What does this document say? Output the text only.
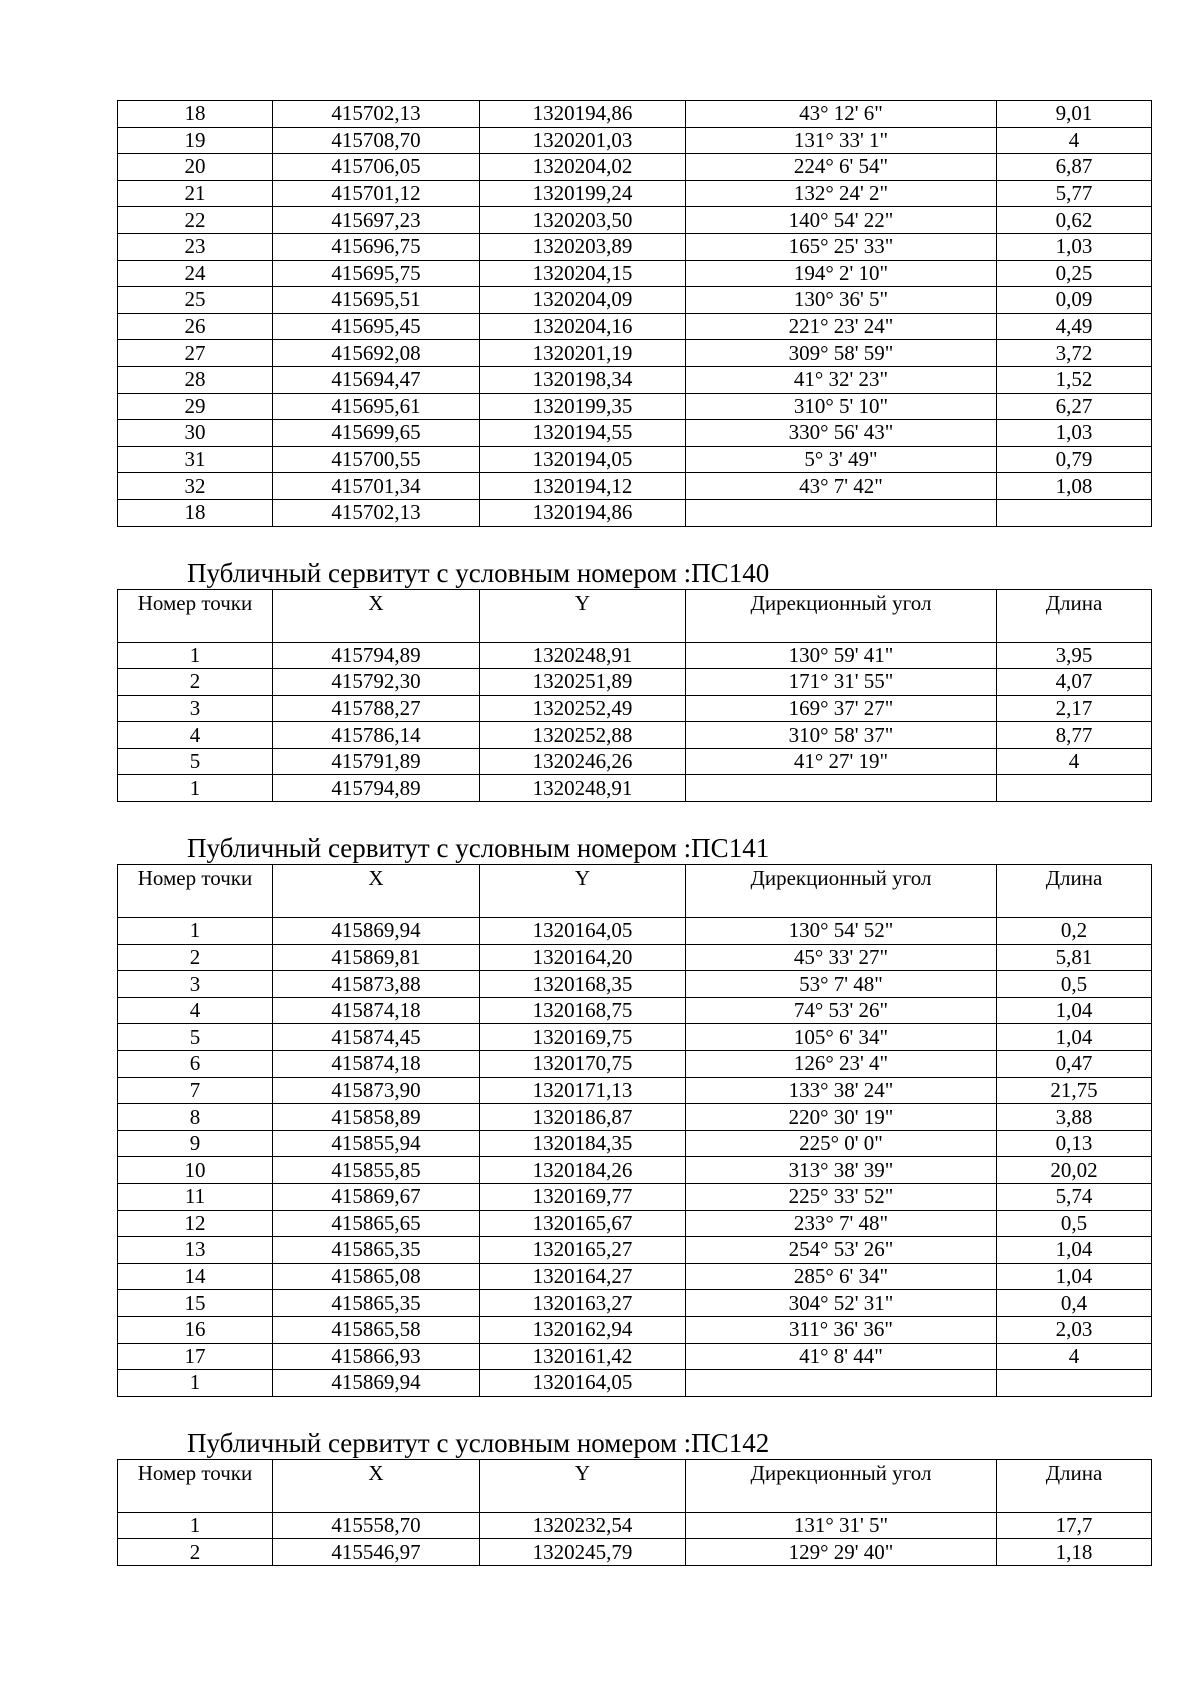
18	415702,13	1320194,86	43° 12' 6"	9,01
19	415708,70	1320201,03	131° 33' 1"	4
20	415706,05	1320204,02	224° 6' 54"	6,87
21	415701,12	1320199,24	132° 24' 2"	5,77
22	415697,23	1320203,50	140° 54' 22"	0,62
23	415696,75	1320203,89	165° 25' 33"	1,03
24	415695,75	1320204,15	194° 2' 10"	0,25
25	415695,51	1320204,09	130° 36' 5"	0,09
26	415695,45	1320204,16	221° 23' 24"	4,49
27	415692,08	1320201,19	309° 58' 59"	3,72
28	415694,47	1320198,34	41° 32' 23"	1,52
29	415695,61	1320199,35	310° 5' 10"	6,27
30	415699,65	1320194,55	330° 56' 43"	1,03
31	415700,55	1320194,05	5° 3' 49"	0,79
32	415701,34	1320194,12	43° 7' 42"	1,08
18	415702,13	1320194,86		
Публичный сервитут с условным номером :ПС140
Номер точки	X	Y	Дирекционный угол	Длина
1	415794,89	1320248,91	130° 59' 41"	3,95
2	415792,30	1320251,89	171° 31' 55"	4,07
3	415788,27	1320252,49	169° 37' 27"	2,17
4	415786,14	1320252,88	310° 58' 37"	8,77
5	415791,89	1320246,26	41° 27' 19"	4
1	415794,89	1320248,91		
Публичный сервитут с условным номером :ПС141
Номер точки	X	Y	Дирекционный угол	Длина
1	415869,94	1320164,05	130° 54' 52"	0,2
2	415869,81	1320164,20	45° 33' 27"	5,81
3	415873,88	1320168,35	53° 7' 48"	0,5
4	415874,18	1320168,75	74° 53' 26"	1,04
5	415874,45	1320169,75	105° 6' 34"	1,04
6	415874,18	1320170,75	126° 23' 4"	0,47
7	415873,90	1320171,13	133° 38' 24"	21,75
8	415858,89	1320186,87	220° 30' 19"	3,88
9	415855,94	1320184,35	225° 0' 0"	0,13
10	415855,85	1320184,26	313° 38' 39"	20,02
11	415869,67	1320169,77	225° 33' 52"	5,74
12	415865,65	1320165,67	233° 7' 48"	0,5
13	415865,35	1320165,27	254° 53' 26"	1,04
14	415865,08	1320164,27	285° 6' 34"	1,04
15	415865,35	1320163,27	304° 52' 31"	0,4
16	415865,58	1320162,94	311° 36' 36"	2,03
17	415866,93	1320161,42	41° 8' 44"	4
1	415869,94	1320164,05		
Публичный сервитут с условным номером :ПС142
Номер точки	X	Y	Дирекционный угол	Длина
1	415558,70	1320232,54	131° 31' 5"	17,7
2	415546,97	1320245,79	129° 29' 40"	1,18
